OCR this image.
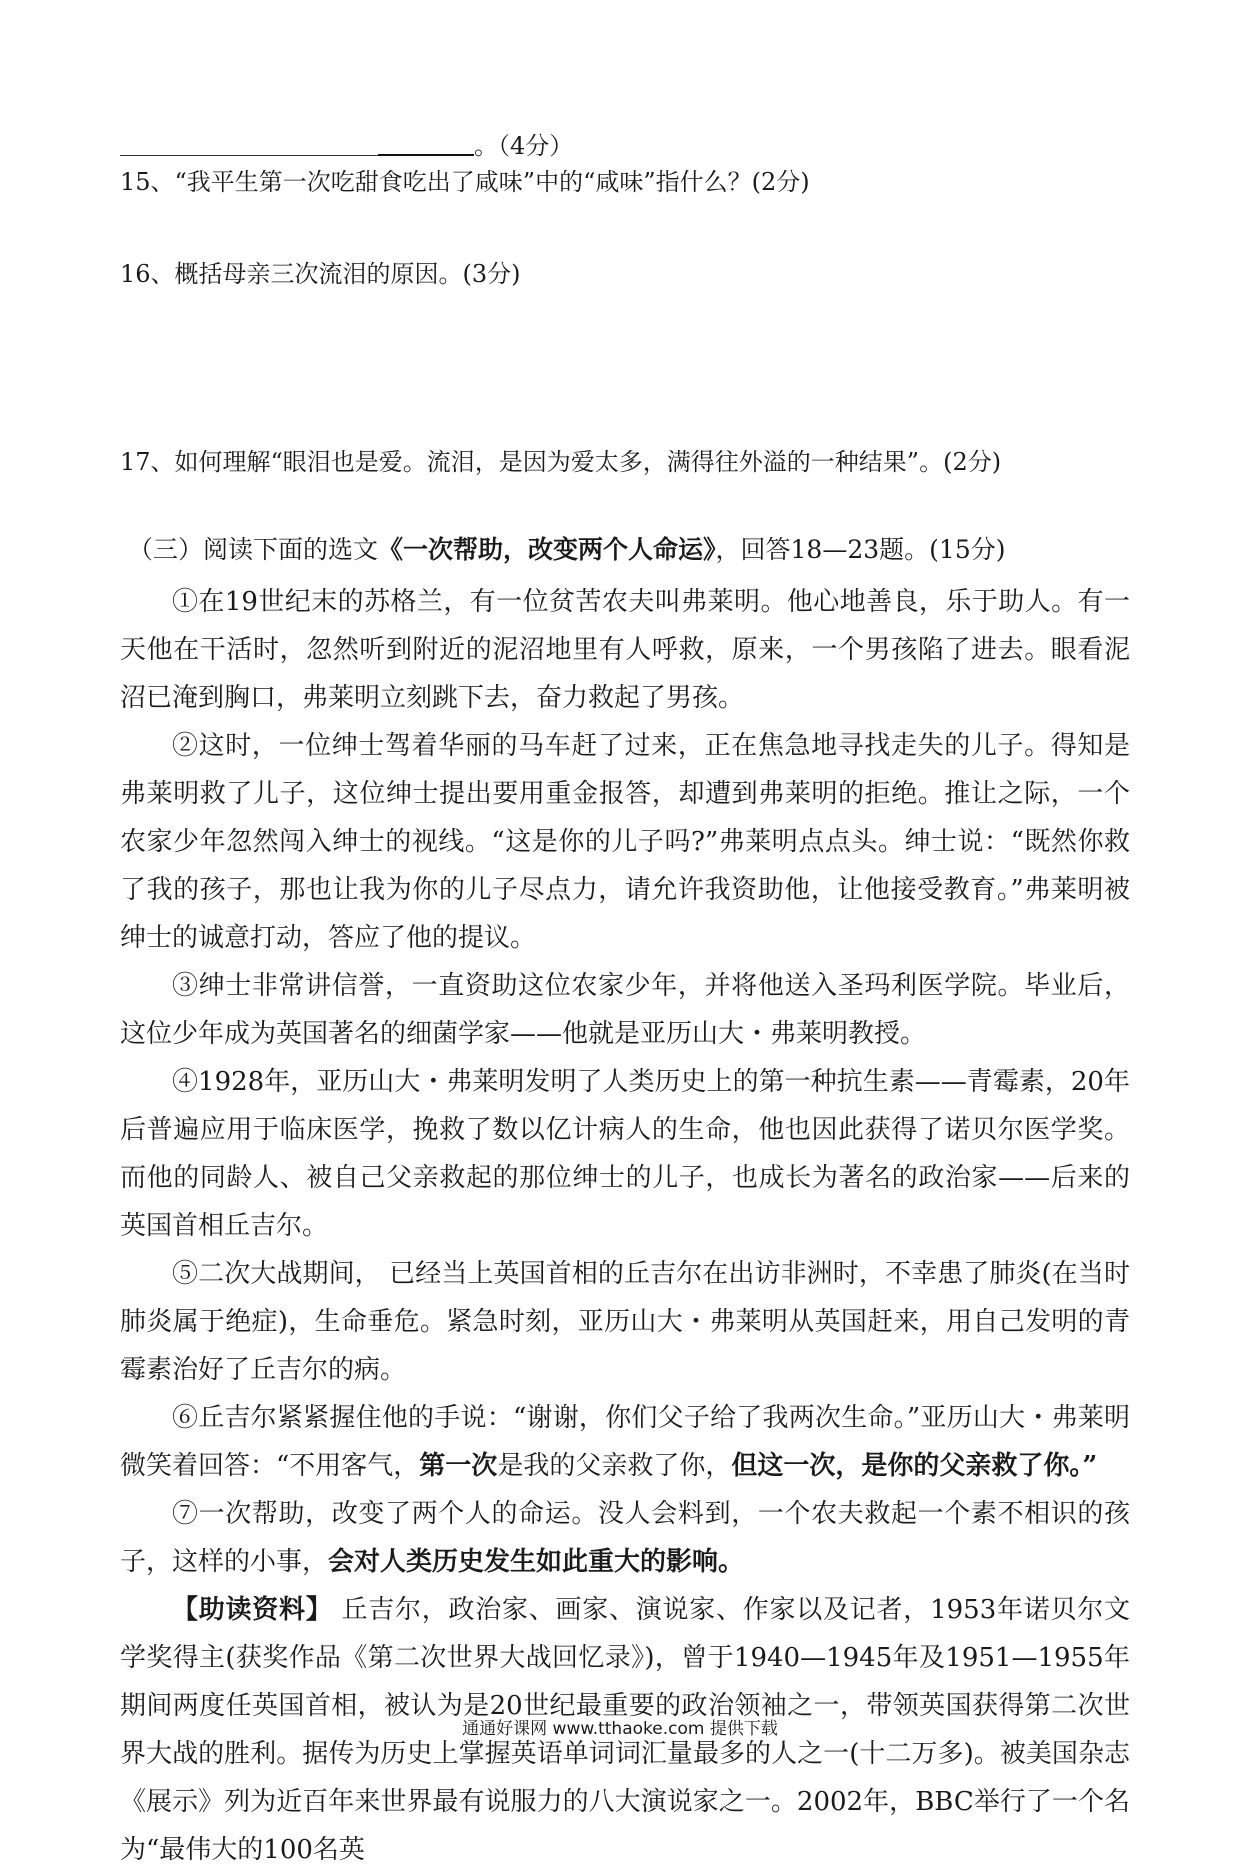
。（4分）
15、“我平生第一次吃甜食吃出了咸味”中的“咸味”指什么？(2分)
16、概括母亲三次流泪的原因。(3分)
17、如何理解“眼泪也是爱。流泪，是因为爱太多，满得往外溢的一种结果”。(2分)
（三）阅读下面的选文《一次帮助，改变两个人命运》，回答18—23题。(15分)
①在19世纪末的苏格兰，有一位贫苦农夫叫弗莱明。他心地善良，乐于助人。有一天他在干活时，忽然听到附近的泥沼地里有人呼救，原来，一个男孩陷了进去。眼看泥沼已淹到胸口，弗莱明立刻跳下去，奋力救起了男孩。
②这时，一位绅士驾着华丽的马车赶了过来，正在焦急地寻找走失的儿子。得知是弗莱明救了儿子，这位绅士提出要用重金报答，却遭到弗莱明的拒绝。推让之际，一个农家少年忽然闯入绅士的视线。“这是你的儿子吗?”弗莱明点点头。绅士说：“既然你救了我的孩子，那也让我为你的儿子尽点力，请允许我资助他，让他接受教育。”弗莱明被绅士的诚意打动，答应了他的提议。
③绅士非常讲信誉，一直资助这位农家少年，并将他送入圣玛利医学院。毕业后，这位少年成为英国著名的细菌学家——他就是亚历山大・弗莱明教授。
④1928年，亚历山大・弗莱明发明了人类历史上的第一种抗生素——青霉素，20年后普遍应用于临床医学，挽救了数以亿计病人的生命，他也因此获得了诺贝尔医学奖。而他的同龄人、被自己父亲救起的那位绅士的儿子，也成长为著名的政治家——后来的英国首相丘吉尔。
⑤二次大战期间， 已经当上英国首相的丘吉尔在出访非洲时，不幸患了肺炎(在当时肺炎属于绝症)，生命垂危。紧急时刻，亚历山大・弗莱明从英国赶来，用自己发明的青霉素治好了丘吉尔的病。
⑥丘吉尔紧紧握住他的手说：“谢谢，你们父子给了我两次生命。”亚历山大・弗莱明微笑着回答：“不用客气，第一次是我的父亲救了你，但这一次，是你的父亲救了你。”
⑦一次帮助，改变了两个人的命运。没人会料到，一个农夫救起一个素不相识的孩子，这样的小事，会对人类历史发生如此重大的影响。
【助读资料】 丘吉尔，政治家、画家、演说家、作家以及记者，1953年诺贝尔文学奖得主(获奖作品《第二次世界大战回忆录》)，曾于1940—1945年及1951—1955年期间两度任英国首相，被认为是20世纪最重要的政治领袖之一，带领英国获得第二次世界大战的胜利。据传为历史上掌握英语单词词汇量最多的人之一(十二万多)。被美国杂志《展示》列为近百年来世界最有说服力的八大演说家之一。2002年，BBC举行了一个名为“最伟大的100名英
通通好课网 www.tthaoke.com 提供下载
